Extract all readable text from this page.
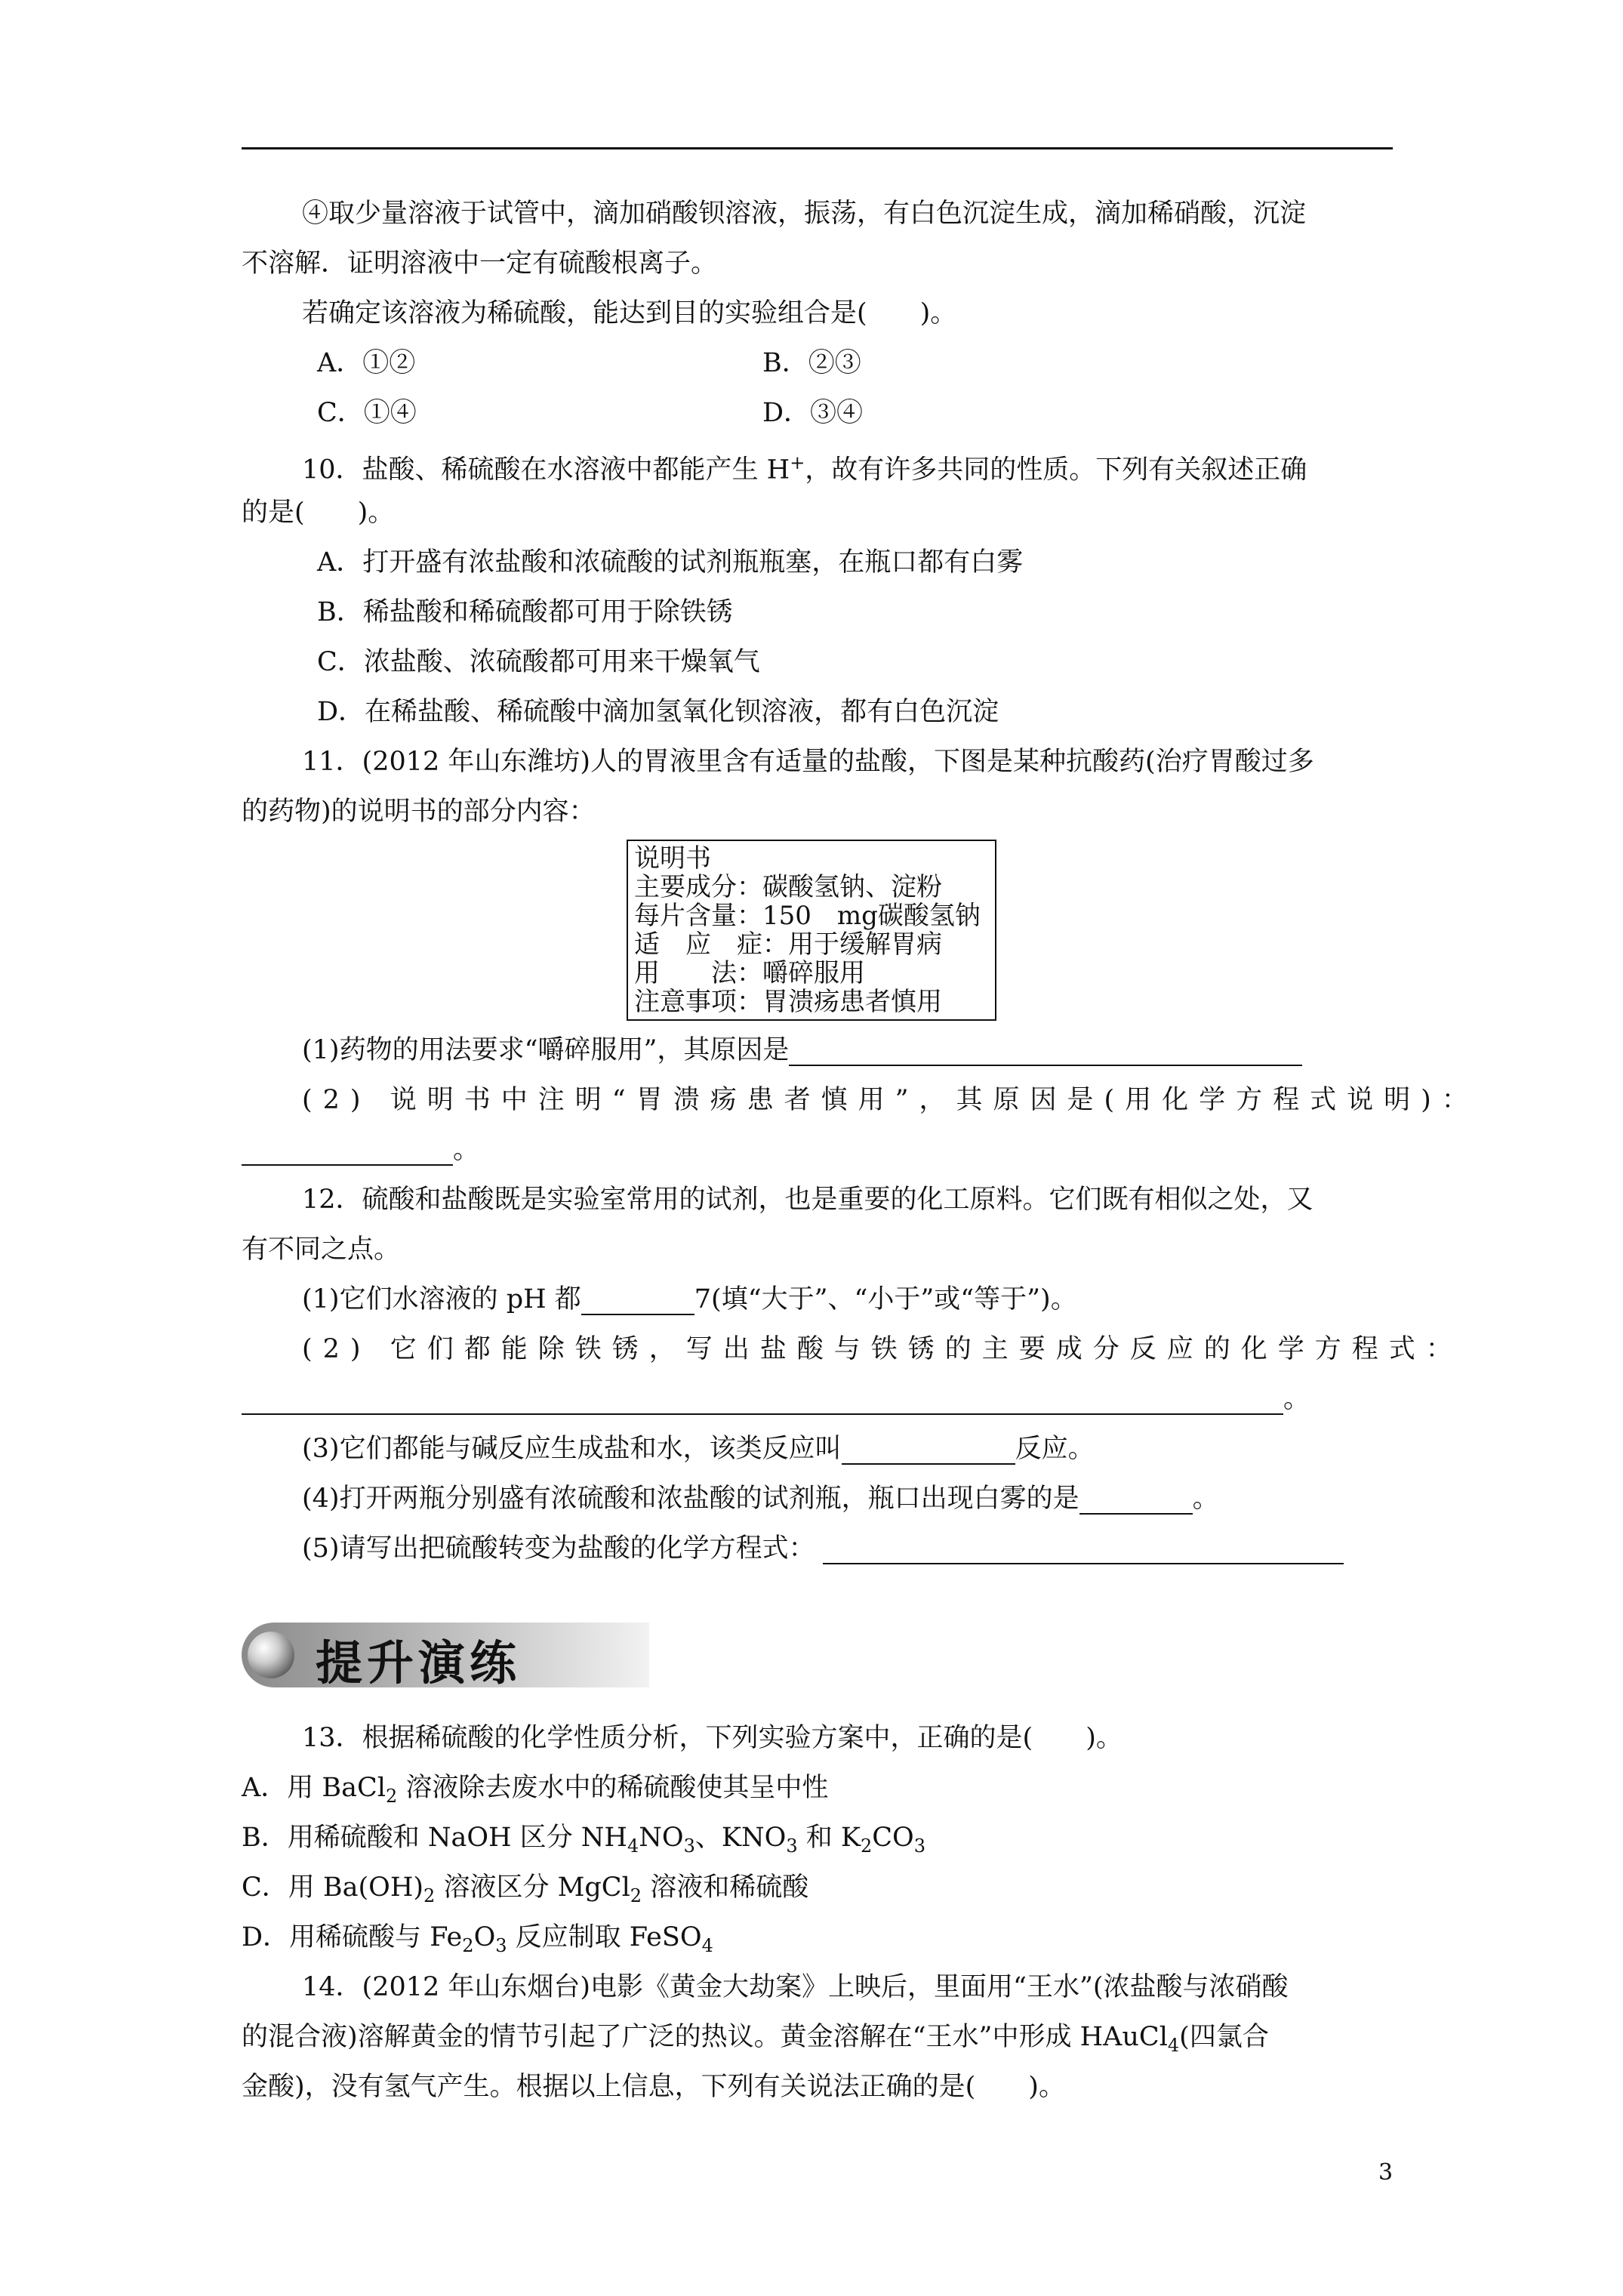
④取少量溶液于试管中，滴加硝酸钡溶液，振荡，有白色沉淀生成，滴加稀硝酸，沉淀
不溶解．证明溶液中一定有硫酸根离子。
若确定该溶液为稀硫酸，能达到目的实验组合是(　　)。
A．①②	B．②③
C．①④	D．③④
10．盐酸、稀硫酸在水溶液中都能产生 H+，故有许多共同的性质。下列有关叙述正确
的是(　　)。
A．打开盛有浓盐酸和浓硫酸的试剂瓶瓶塞，在瓶口都有白雾
B．稀盐酸和稀硫酸都可用于除铁锈
C．浓盐酸、浓硫酸都可用来干燥氧气
D．在稀盐酸、稀硫酸中滴加氢氧化钡溶液，都有白色沉淀
11．(2012 年山东潍坊)人的胃液里含有适量的盐酸，下图是某种抗酸药(治疗胃酸过多
的药物)的说明书的部分内容：
说明书
主要成分：碳酸氢钠、淀粉
每片含量：150　mg碳酸氢钠
适　应　症：用于缓解胃病
用　　法：嚼碎服用
注意事项：胃溃疡患者慎用
(1)药物的用法要求“嚼碎服用”，其原因是
(2) 说明书中注明“胃溃疡患者慎用”，其原因是(用化学方程式说明)：
。
12．硫酸和盐酸既是实验室常用的试剂，也是重要的化工原料。它们既有相似之处，又
有不同之点。
(1)它们水溶液的 pH 都	7(填“大于”、“小于”或“等于”)。
(2) 它们都能除铁锈，写出盐酸与铁锈的主要成分反应的化学方程式：
。
(3)它们都能与碱反应生成盐和水，该类反应叫	反应。
(4)打开两瓶分别盛有浓硫酸和浓盐酸的试剂瓶，瓶口出现白雾的是	。
(5)请写出把硫酸转变为盐酸的化学方程式：
提升演练
13．根据稀硫酸的化学性质分析，下列实验方案中，正确的是(　　)。
A．用 BaCl$_2$ 溶液除去废水中的稀硫酸使其呈中性
B．用稀硫酸和 NaOH 区分 $NH_4NO_3$、$KNO_3$ 和 $K_2CO_3$
C．用 $Ba(OH)_2$ 溶液区分 MgCl$_2$ 溶液和稀硫酸
D．用稀硫酸与 $Fe_2O_3$ 反应制取 FeSO$_4$
14．(2012 年山东烟台)电影《黄金大劫案》上映后，里面用“王水”(浓盐酸与浓硝酸
的混合液)溶解黄金的情节引起了广泛的热议。黄金溶解在“王水”中形成 HAuCl$_4$(四氯合
金酸)，没有氢气产生。根据以上信息，下列有关说法正确的是(　　)。
3
